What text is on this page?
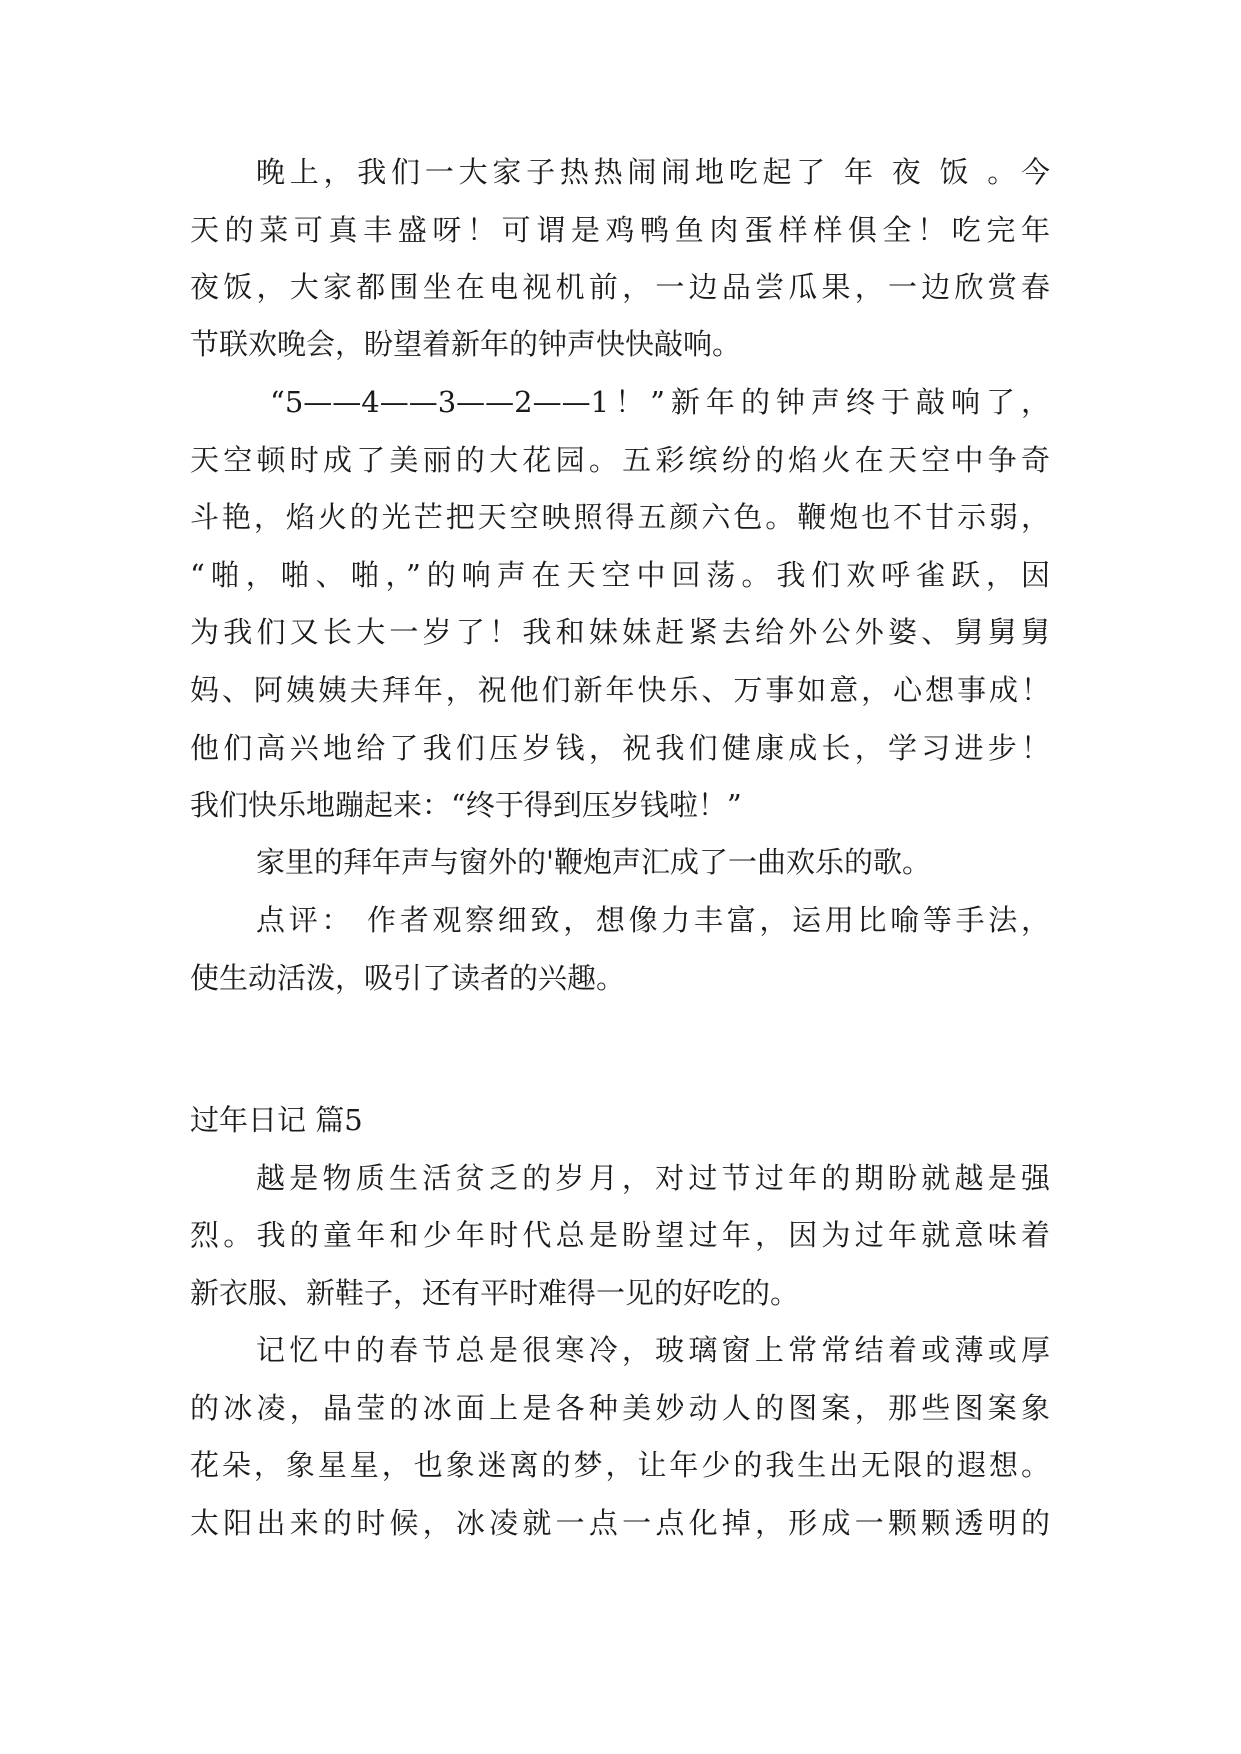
晚上，我们一大家子热热闹闹地吃起了 年 夜 饭 。今
天的菜可真丰盛呀！可谓是鸡鸭鱼肉蛋样样俱全！吃完年
夜饭，大家都围坐在电视机前，一边品尝瓜果，一边欣赏春
节联欢晚会，盼望着新年的钟声快快敲响。
“5——4——3——2——1！”新年的钟声终于敲响了，
天空顿时成了美丽的大花园。五彩缤纷的焰火在天空中争奇
斗艳，焰火的光芒把天空映照得五颜六色。鞭炮也不甘示弱，
“啪，啪、啪，”的响声在天空中回荡。我们欢呼雀跃，因
为我们又长大一岁了！我和妹妹赶紧去给外公外婆、舅舅舅
妈、阿姨姨夫拜年，祝他们新年快乐、万事如意，心想事成！
他们高兴地给了我们压岁钱，祝我们健康成长，学习进步！
我们快乐地蹦起来：“终于得到压岁钱啦！”
家里的拜年声与窗外的'鞭炮声汇成了一曲欢乐的歌。
点评： 作者观察细致，想像力丰富，运用比喻等手法，
使生动活泼，吸引了读者的兴趣。
过年日记 篇5
越是物质生活贫乏的岁月，对过节过年的期盼就越是强
烈。我的童年和少年时代总是盼望过年，因为过年就意味着
新衣服、新鞋子，还有平时难得一见的好吃的。
记忆中的春节总是很寒冷，玻璃窗上常常结着或薄或厚
的冰凌，晶莹的冰面上是各种美妙动人的图案，那些图案象
花朵，象星星，也象迷离的梦，让年少的我生出无限的遐想。
太阳出来的时候，冰凌就一点一点化掉，形成一颗颗透明的
